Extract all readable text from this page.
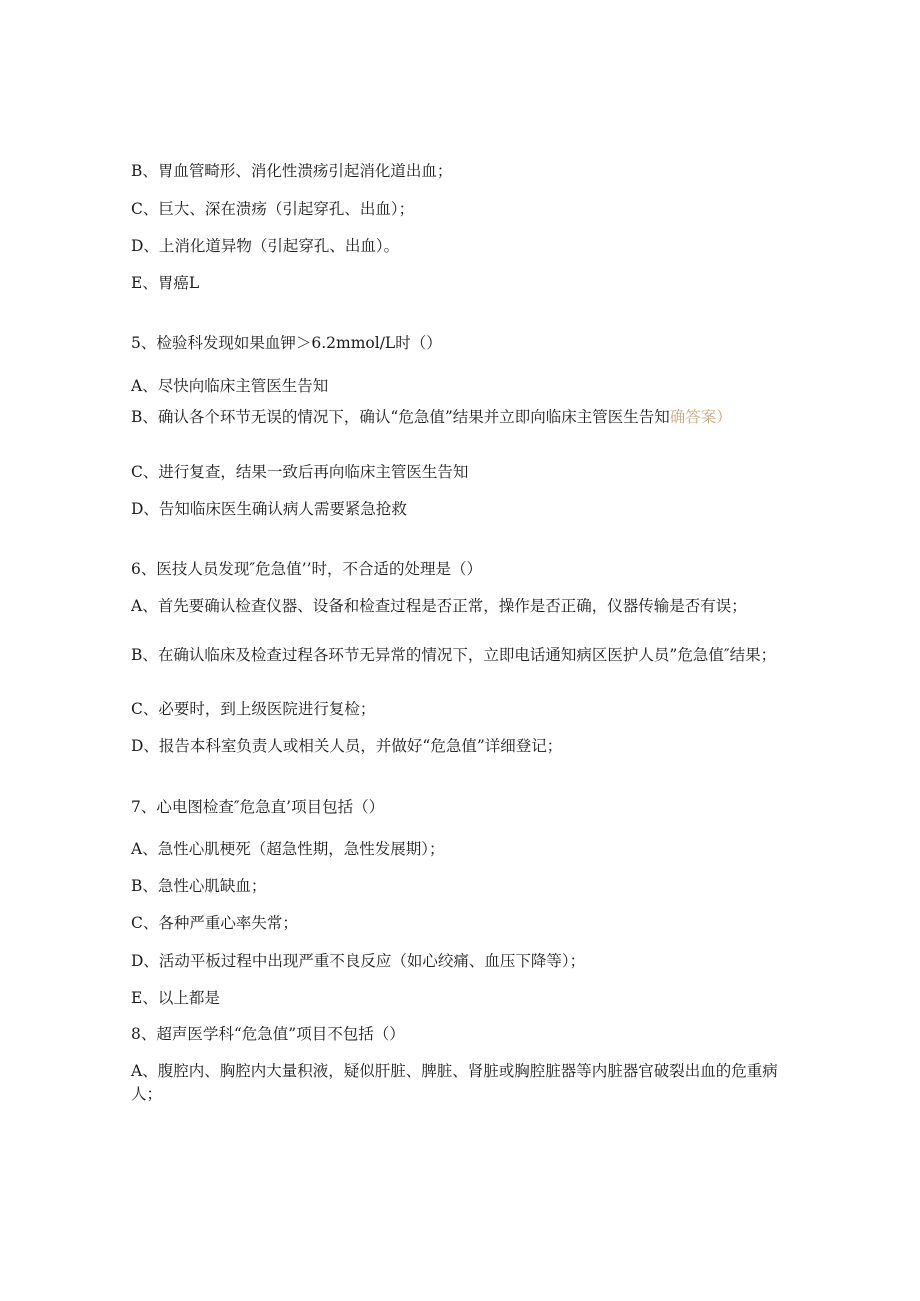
B、胃血管畸形、消化性溃疡引起消化道出血；
C、巨大、深在溃疡（引起穿孔、出血）；
D、上消化道异物（引起穿孔、出血）。
E、胃癌L
5、检验科发现如果血钾＞6.2mmol∕L时（）
A、尽快向临床主管医生告知
B、确认各个环节无误的情况下，确认“危急值”结果并立即向临床主管医生告知确答案）
C、进行复查，结果一致后再向临床主管医生告知
D、告知临床医生确认病人需要紧急抢救
6、医技人员发现″危急值’’时，不合适的处理是（）
A、首先要确认检查仪器、设备和检查过程是否正常，操作是否正确，仪器传输是否有误；
B、在确认临床及检查过程各环节无异常的情况下，立即电话通知病区医护人员”危急值″结果；
C、必要时，到上级医院进行复检；
D、报告本科室负责人或相关人员，并做好“危急值”详细登记；
7、心电图检查″危急直’项目包括（）
A、急性心肌梗死（超急性期，急性发展期）；
B、急性心肌缺血；
C、各种严重心率失常；
D、活动平板过程中出现严重不良反应（如心绞痛、血压下降等）；
E、以上都是
8、超声医学科“危急值”项目不包括（）
A、腹腔内、胸腔内大量积液，疑似肝脏、脾脏、肾脏或胸腔脏器等内脏器官破裂出血的危重病人；
